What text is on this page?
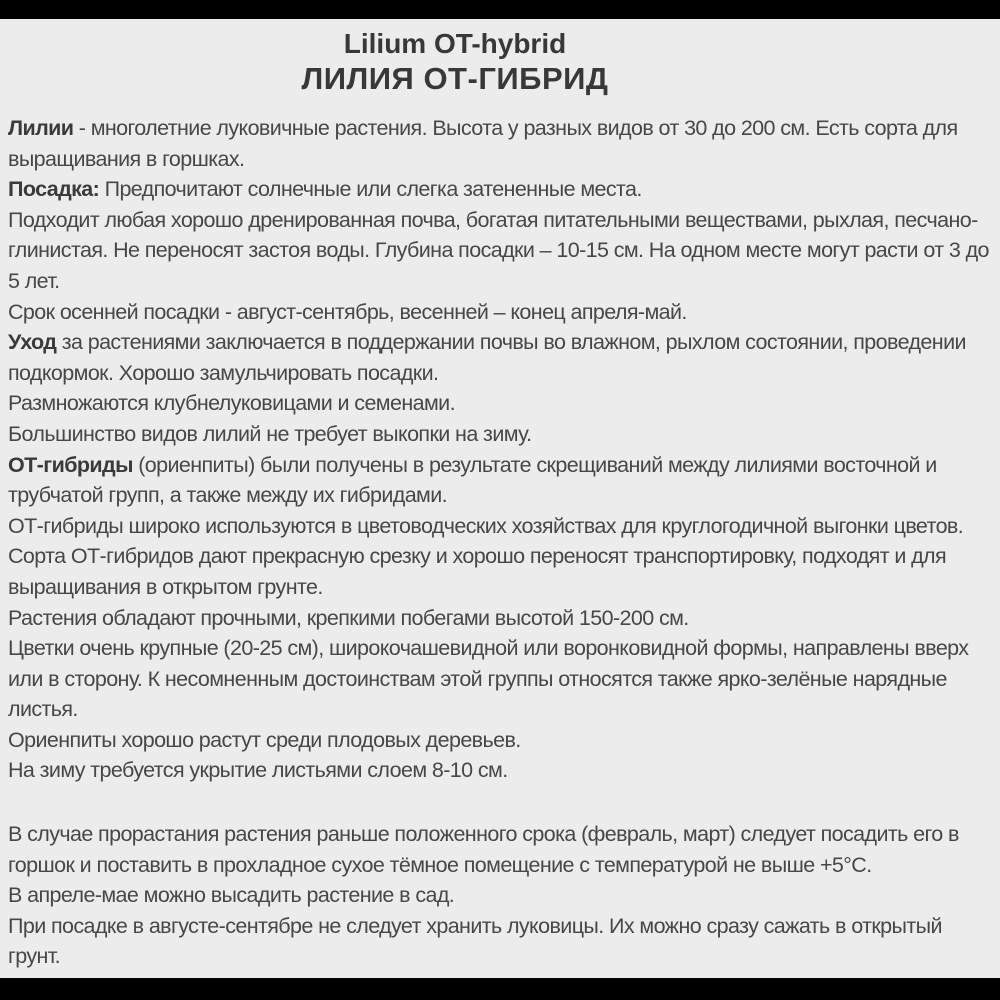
Lilium OT-hybrid
ЛИЛИЯ ОТ-ГИБРИД

Лилии - многолетние луковичные растения. Высота у разных видов от 30 до 200 см. Есть сорта для выращивания в горшках.

Посадка: Предпочитают солнечные или слегка затененные места.

Подходит любая хорошо дренированная почва, богатая питательными веществами, рыхлая, песчано-глинистая. Не переносят застоя воды. Глубина посадки – 10-15 см. На одном месте могут расти от 3 до 5 лет.

Срок осенней посадки - август-сентябрь, весенней – конец апреля-май.

Уход за растениями заключается в поддержании почвы во влажном, рыхлом состоянии, проведении подкормок. Хорошо замульчировать посадки.

Размножаются клубнелуковицами и семенами.

Большинство видов лилий не требует выкопки на зиму.

ОТ-гибриды (ориенпиты) были получены в результате скрещиваний между лилиями восточной и трубчатой групп, а также между их гибридами.

ОТ-гибриды широко используются в цветоводческих хозяйствах для круглогодичной выгонки цветов.

Сорта ОТ-гибридов дают прекрасную срезку и хорошо переносят транспортировку, подходят и для выращивания в открытом грунте.

Растения обладают прочными, крепкими побегами высотой 150-200 см.

Цветки очень крупные (20-25 см), широкочашевидной или воронковидной формы, направлены вверх или в сторону. К несомненным достоинствам этой группы относятся также ярко-зелёные нарядные листья.

Ориенпиты хорошо растут среди плодовых деревьев.

На зиму требуется укрытие листьями слоем 8-10 см.

В случае прорастания растения раньше положенного срока (февраль, март) следует посадить его в горшок и поставить в прохладное сухое тёмное помещение с температурой не выше +5°С.

В апреле-мае можно высадить растение в сад.

При посадке в августе-сентябре не следует хранить луковицы. Их можно сразу сажать в открытый грунт.
